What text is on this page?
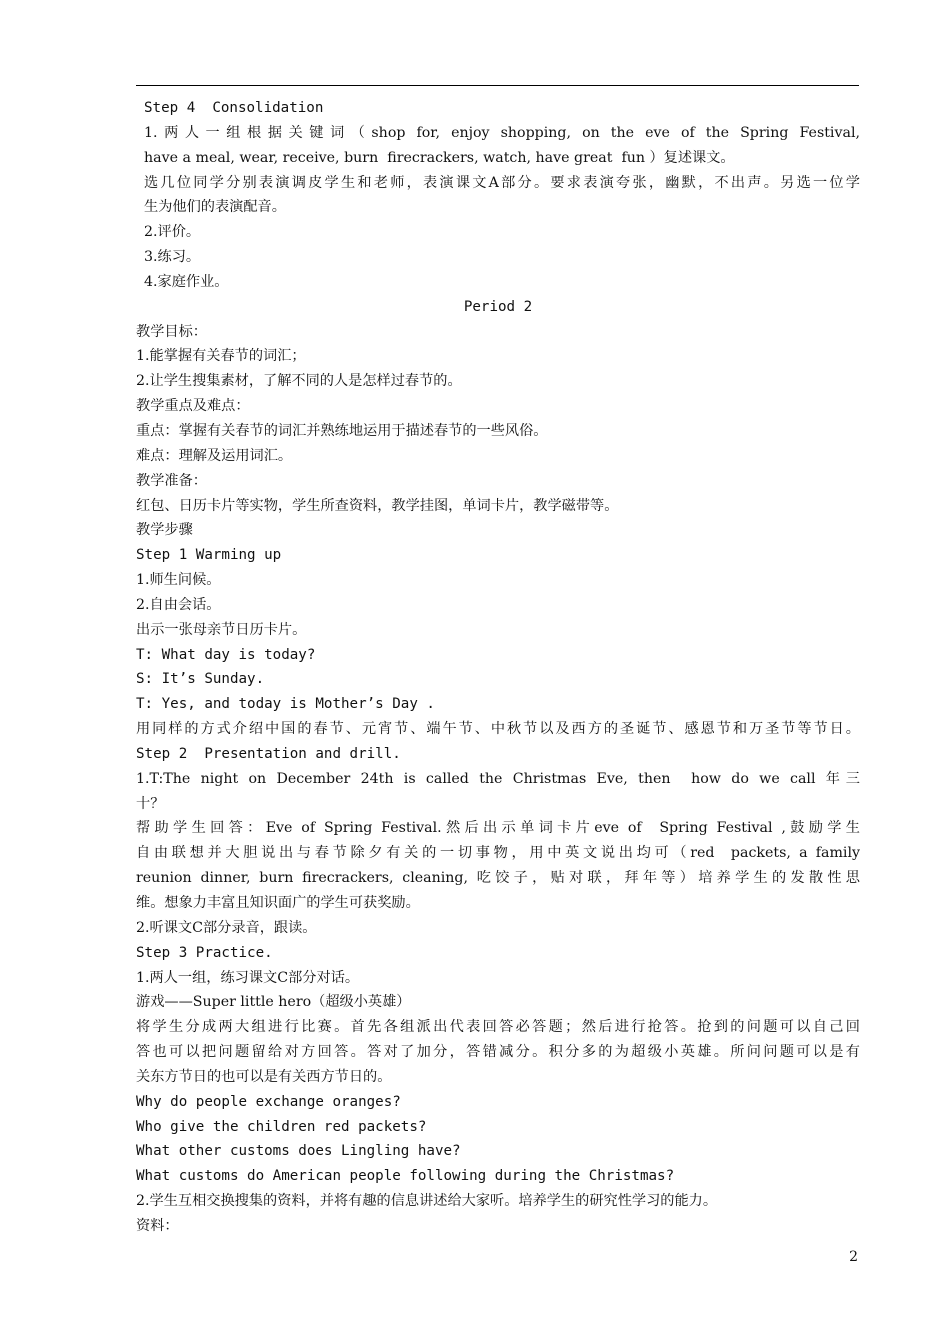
Step 4  Consolidation

1.两人一组根据关键词（shop for, enjoy shopping, on the eve of the Spring Festival,

have a meal, wear, receive, burn  firecrackers, watch, have great  fun ）复述课文。

选几位同学分别表演调皮学生和老师，表演课文A部分。要求表演夸张，幽默，不出声。另选一位学

生为他们的表演配音。

2.评价。

3.练习。

4.家庭作业。

Period 2

教学目标：

1.能掌握有关春节的词汇；

2.让学生搜集素材，了解不同的人是怎样过春节的。

教学重点及难点：

重点：掌握有关春节的词汇并熟练地运用于描述春节的一些风俗。

难点：理解及运用词汇。

教学准备：

红包、日历卡片等实物，学生所查资料，教学挂图，单词卡片，教学磁带等。

教学步骤

Step 1 Warming up

1.师生问候。

2.自由会话。

出示一张母亲节日历卡片。

T: What day is today?

S: It’s Sunday.

T: Yes, and today is Mother’s Day .

用同样的方式介绍中国的春节、元宵节、端午节、中秋节以及西方的圣诞节、感恩节和万圣节等节日。

Step 2  Presentation and drill.

1.T:The night on December 24th is called the Christmas Eve, then  how do we call 年三

十？

帮助学生回答：Eve of Spring Festival.然后出示单词卡片eve of  Spring Festival ,鼓励学生

自由联想并大胆说出与春节除夕有关的一切事物，用中英文说出均可（red  packets, a family

reunion dinner, burn firecrackers, cleaning, 吃饺子，贴对联，拜年等）培养学生的发散性思

维。想象力丰富且知识面广的学生可获奖励。

2.听课文C部分录音，跟读。

Step 3 Practice.

1.两人一组，练习课文C部分对话。

游戏——Super little hero（超级小英雄）

将学生分成两大组进行比赛。首先各组派出代表回答必答题；然后进行抢答。抢到的问题可以自己回

答也可以把问题留给对方回答。答对了加分，答错减分。积分多的为超级小英雄。所问问题可以是有

关东方节日的也可以是有关西方节日的。

Why do people exchange oranges?

Who give the children red packets?

What other customs does Lingling have?

What customs do American people following during the Christmas?

2.学生互相交换搜集的资料，并将有趣的信息讲述给大家听。培养学生的研究性学习的能力。

资料：

2
